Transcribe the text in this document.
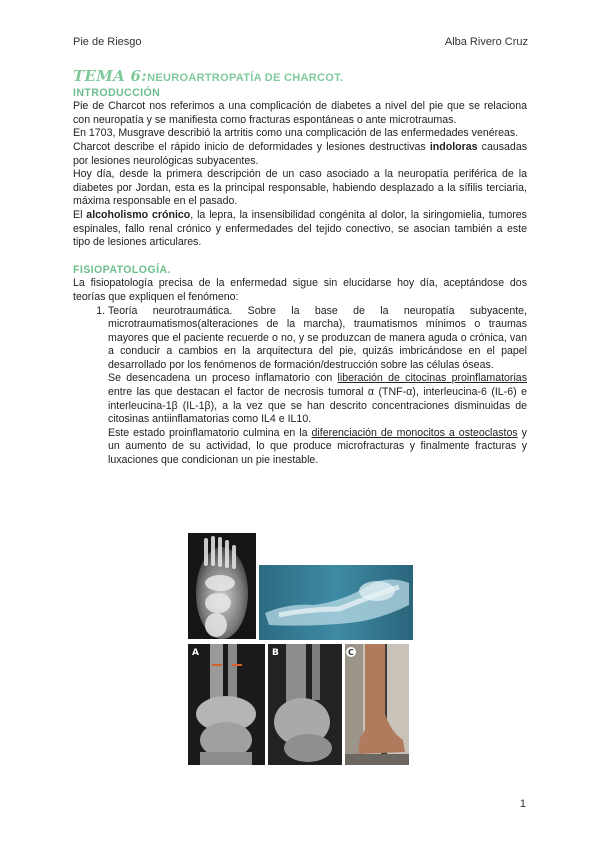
Pie de Riesgo	Alba Rivero Cruz
TEMA 6:NEUROARTROPATÍA DE CHARCOT.
INTRODUCCIÓN

Pie de Charcot nos referimos a una complicación de diabetes a nivel del pie que se relaciona con neuropatía y se manifiesta como fracturas espontáneas o ante microtraumas.

En 1703, Musgrave describió la artritis como una complicación de las enfermedades venéreas.

Charcot describe el rápido inicio de deformidades y lesiones destructivas indoloras causadas por lesiones neurológicas subyacentes.

Hoy día, desde la primera descripción de un caso asociado a la neuropatía periférica de la diabetes por Jordan, esta es la principal responsable, habiendo desplazado a la sífilis terciaria, máxima responsable en el pasado.

El alcoholismo crónico, la lepra, la insensibilidad congénita al dolor, la siringomielia, tumores espinales, fallo renal crónico y enfermedades del tejido conectivo, se asocian también a este tipo de lesiones articulares.

FISIOPATOLOGÍA.

La fisiopatología precisa de la enfermedad sigue sin elucidarse hoy día, aceptándose dos teorías que expliquen el fenómeno:

1. Teoría neurotraumática. Sobre la base de la neuropatía subyacente, microtraumatismos(alteraciones de la marcha), traumatismos mínimos o traumas mayores que el paciente recuerde o no, y se produzcan de manera aguda o crónica, van a conducir a cambios en la arquitectura del pie, quizás imbricándose en el papel desarrollado por los fenómenos de formación/destrucción sobre las células óseas.
Se desencadena un proceso inflamatorio con liberación de citocinas proinflamatorias entre las que destacan el factor de necrosis tumoral α (TNF-α), interleucina-6 (IL-6) e interleucina-1β (IL-1β), a la vez que se han descrito concentraciones disminuidas de citosinas antiinflamatorias como IL4 e IL10.
Este estado proinflamatorio culmina en la diferenciación de monocitos a osteoclastos y un aumento de su actividad, lo que produce microfracturas y finalmente fracturas y luxaciones que condicionan un pie inestable.
A	B	C
1
